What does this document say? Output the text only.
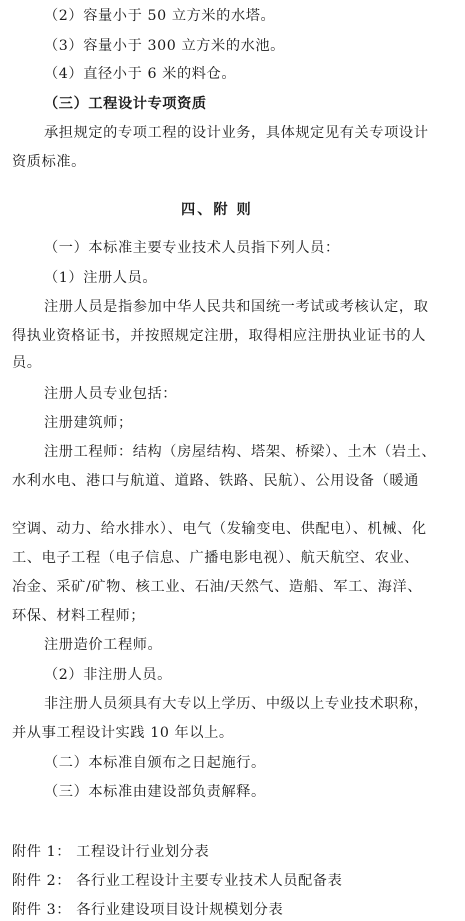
（2）容量小于 50 立方米的水塔。
（3）容量小于 300 立方米的水池。
（4）直径小于 6 米的料仓。
（三）工程设计专项资质
承担规定的专项工程的设计业务，具体规定见有关专项设计
资质标准。
四、附 则
（一）本标准主要专业技术人员指下列人员：
（1）注册人员。
注册人员是指参加中华人民共和国统一考试或考核认定，取
得执业资格证书，并按照规定注册，取得相应注册执业证书的人
员。
注册人员专业包括：
注册建筑师；
注册工程师：结构（房屋结构、塔架、桥梁）、土木（岩土、
水利水电、港口与航道、道路、铁路、民航）、公用设备（暖通
空调、动力、给水排水）、电气（发输变电、供配电）、机械、化
工、电子工程（电子信息、广播电影电视）、航天航空、农业、
冶金、采矿/矿物、核工业、石油/天然气、造船、军工、海洋、
环保、材料工程师；
注册造价工程师。
（2）非注册人员。
非注册人员须具有大专以上学历、中级以上专业技术职称，
并从事工程设计实践 10 年以上。
（二）本标准自颁布之日起施行。
（三）本标准由建设部负责解释。
附件 1： 工程设计行业划分表
附件 2： 各行业工程设计主要专业技术人员配备表
附件 3： 各行业建设项目设计规模划分表
